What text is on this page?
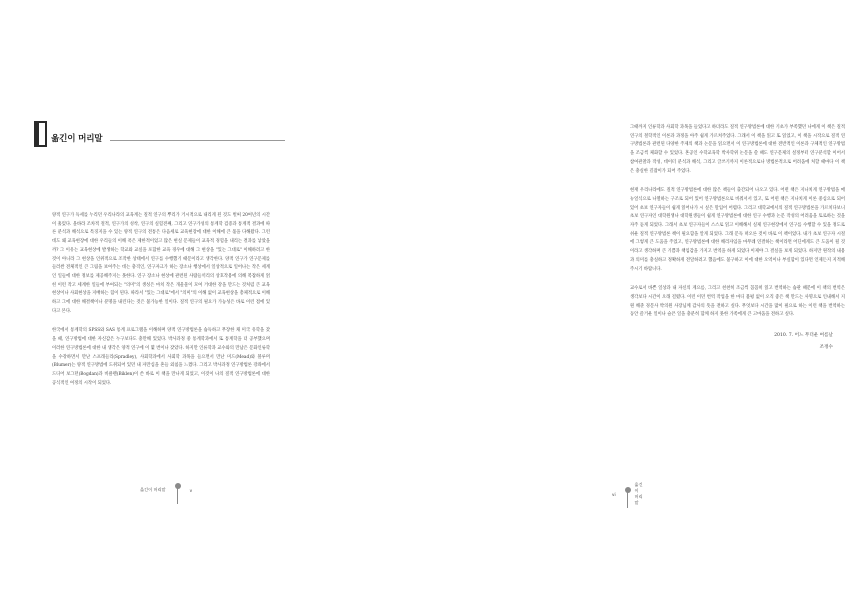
옮긴이 머리말

양적 연구가 득세를 누리던 우리나라의 교육계는 질적 연구의 뿌리가 거시적으로 내리게 된 것도 벌써 20여년의 시간이 흘렀다. 올바라 조차적 절적, 연구가의 성착, 연구의 실험전째, 그리고 연구가성의 통계학 검증과 통계적 결과에 따른 분석과 해석으로 특징지을 수 있는 양적 연구의 전통은 다음세로 교육현장에 대한 이해에 큰 몫을 다해왔다. 그런데도 왜 교육현장에 대한 우리들의 이해 폭은 제한적이었고 많은 현실 문제들이 교육적 경험을 내리는 결과를 낳았을까? 그 이유는 교육현상에 발생하는 학교와 교실을 포함한 교육 경우에 대해 그 현상을 "있는 그대로" 이해하려고 한 것이 아니라 그 현상을 인위적으로 조작한 상태에서 연구를 수행했기 때문이라고 생각한다. 양적 연구가 연구문제를 들러싼 전체적인 큰 그림을 보여주는 데는 충격인, 연구자크가 하는 장소나 행상에서 일상적으로 일어나는 작은 세계인 일들에 대한 정보를 제공해주지는 못한다. 연구 장소나 현상에 관련된 사람들끼리의 상호작용에 의해 복잡하게 얽힌 이런 작고 세계한 일들에 부여되는 "의미"의 생성은 마치 작은 개울물이 모여 거대한 강을 만드는 것처럼 큰 교육현상이나 사회현상을 지배하는 힘이 된다. 따라서 "있는 그대로"에서 "의미"의 이해 없이 교육현상을 총체적으로 이해하고 그에 대한 해결책이나 분명을 내린다는 것은 불가능한 일이다. 질적 연구의 필요가 가능성은 바로 이런 점에 있다고 본다.

한국에서 통계학의 SPSS와 SAS 통계 프로그램을 이해하며 양적 연구방법론을 습득하고 무장한 채 미국 유학을 갔을 때, 연구방법에 대한 자신감은 누구보다도 충만해 있었다. 박사과정 중 통계학과에서 또 통계학을 더 공부했으며 이러한 연구방법론에 대한 내 생각은 양적 연구에 이 몇 번이나 잦았다. 하지만 인류학과 교수와의 만남은 문화인류학을 수강하면서 만난 스프래들리(Spradley), 사회학과에서 사회학 과목을 들으면서 만난 미드(Mead)와 블루머(Blumer)는 양적 연구방법에 도취되어 있던 내 자만심을 흔들 외침을 느꼈다. 그리고 박사과정 연구방법론 강좌에서 드디어 보그던(Bogdan)과 비클렌(Biklen)이 쓴 바로 이 책을 만나게 되었고, 이것이 나의 질적 연구방법론에 대한 공식적인 여정의 시작이 되었다.

옮긴이 머리말	v

그때까지 인류학과 사회학 과목을 들었다고 하더라도 질적 연구방법론에 대한 기초가 부족했던 나에게 이 책은 질적 연구의 철학적인 이론과 과정을 아주 쉽게 가르쳐주었다. 그래서 이 책을 읽고 또 읽었고, 이 책을 시작으로 질적 연구방법론과 관련된 다양한 주제의 책과 논문을 읽으면서 이 연구방법론에 대한 전반적인 이론과 구체적인 연구방법을 조금씩 체화할 수 있었다. 혼공인 수학교육학 박사학위 논문을 쓸 때도 연구문제의 설정부터 연구분석할 이어서 참여관찰과 작성, 데이터 분석과 해석, 그리고 글쓰기까지 이론적으로나 방법론적으로 어려움에 처할 때마다 이 책은 충실한 길잡이가 되어 주었다.

현재 우리나라에도 질적 연구방법론에 대한 많은 책들이 출간되어 나오고 있다. 어떤 책은 지나치게 연구방법을 매뉴얼식으로 나열하는 구조로 되어 있어 연구방법론으로 비춰서서 있고, 또 어떤 책은 지나치게 이론 중심으로 되어있어 초보 연구자들이 쉽게 읽어나가 시 싶은 말입어 어렵다. 그리고 대학교에서의 질적 연구방법론을 가르치다보니 초보 연구자인 대학원생나 대학원생들이 쉽게 연구방법론에 대한 연구 수행과 논문 작성의 어려움을 토로하는 것을 자주 듣게 되었다. 그래서 초보 연구자들이 스스로 읽고 이해해서 실제 연구현장에서 연구를 수행할 수 있을 정도로 쉬운 질적 연구방법론 책이 필요함을 알게 되었다. 그래 문득 떠오른 것이 바로 이 책이었다. 내가 초보 연구자 시절에 그렇게 큰 도움을 주었고, 연구방법론에 대한 해리자임을 마무례 연결하는 책이라면 어딘에게도 큰 도움이 될 것이라고 생각하며 큰 기쁨과 책임감을 가지고 번역을 하게 되었다 이제야 그 결실을 보게 되었다. 하지만 원작의 내용과 의미를 충실하고 정확하게 전달하려고 했음에도 불구하고 이에 대한 오역이나 부실함이 있다면 언제든지 지적해주시기 바랍니다.

교수로서 바쁜 일상과 내 자신의 게으름, 그리고 천천히 조금씩 꼼꼼히 읽고 번역하는 습관 때문에 이 책의 번역은 생각보다 시간이 오래 걸렸다. 이런 이던 번역 작업을 한 마디 불평 없이 오직 좋은 책 만드는 사명으로 인내해서 지원 해준 경문사 박의원 사장님께 감사의 뜻을 전하고 싶다. 무엇보다 시간을 많이 필요로 하는 이런 책을 번역하는 동안 즐거운 일이나 슬픈 일을 충분히 함께 하지 못한 가족에게 큰 고마움을 전하고 싶다.

2010. 7. 어느 무더운 여름날
조정수
vi
옮긴이 머리말
